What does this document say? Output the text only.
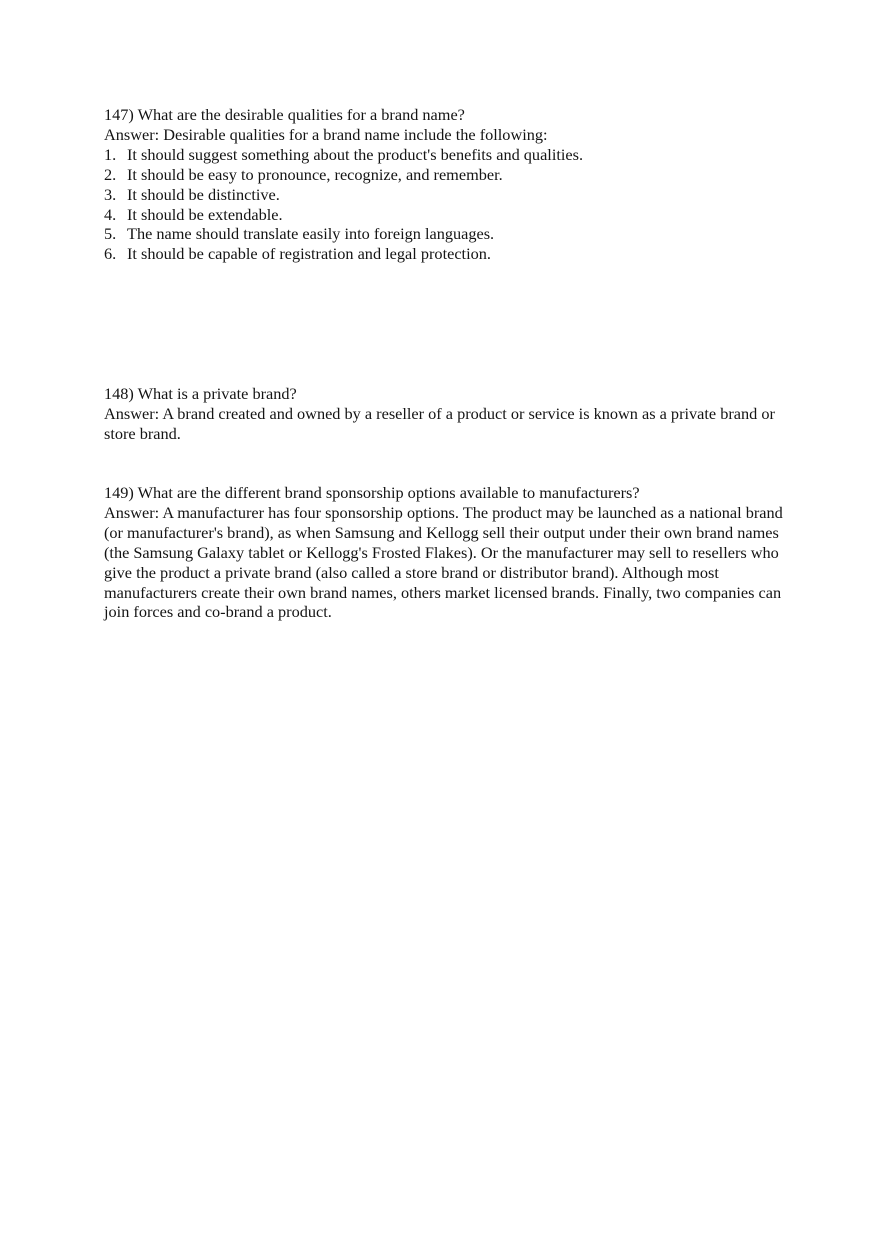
147) What are the desirable qualities for a brand name?
Answer: Desirable qualities for a brand name include the following:
1. It should suggest something about the product's benefits and qualities.
2. It should be easy to pronounce, recognize, and remember.
3. It should be distinctive.
4. It should be extendable.
5. The name should translate easily into foreign languages.
6. It should be capable of registration and legal protection.
148) What is a private brand?
Answer: A brand created and owned by a reseller of a product or service is known as a private brand or store brand.
149) What are the different brand sponsorship options available to manufacturers?
Answer: A manufacturer has four sponsorship options. The product may be launched as a national brand (or manufacturer's brand), as when Samsung and Kellogg sell their output under their own brand names (the Samsung Galaxy tablet or Kellogg's Frosted Flakes). Or the manufacturer may sell to resellers who give the product a private brand (also called a store brand or distributor brand). Although most manufacturers create their own brand names, others market licensed brands. Finally, two companies can join forces and co-brand a product.
